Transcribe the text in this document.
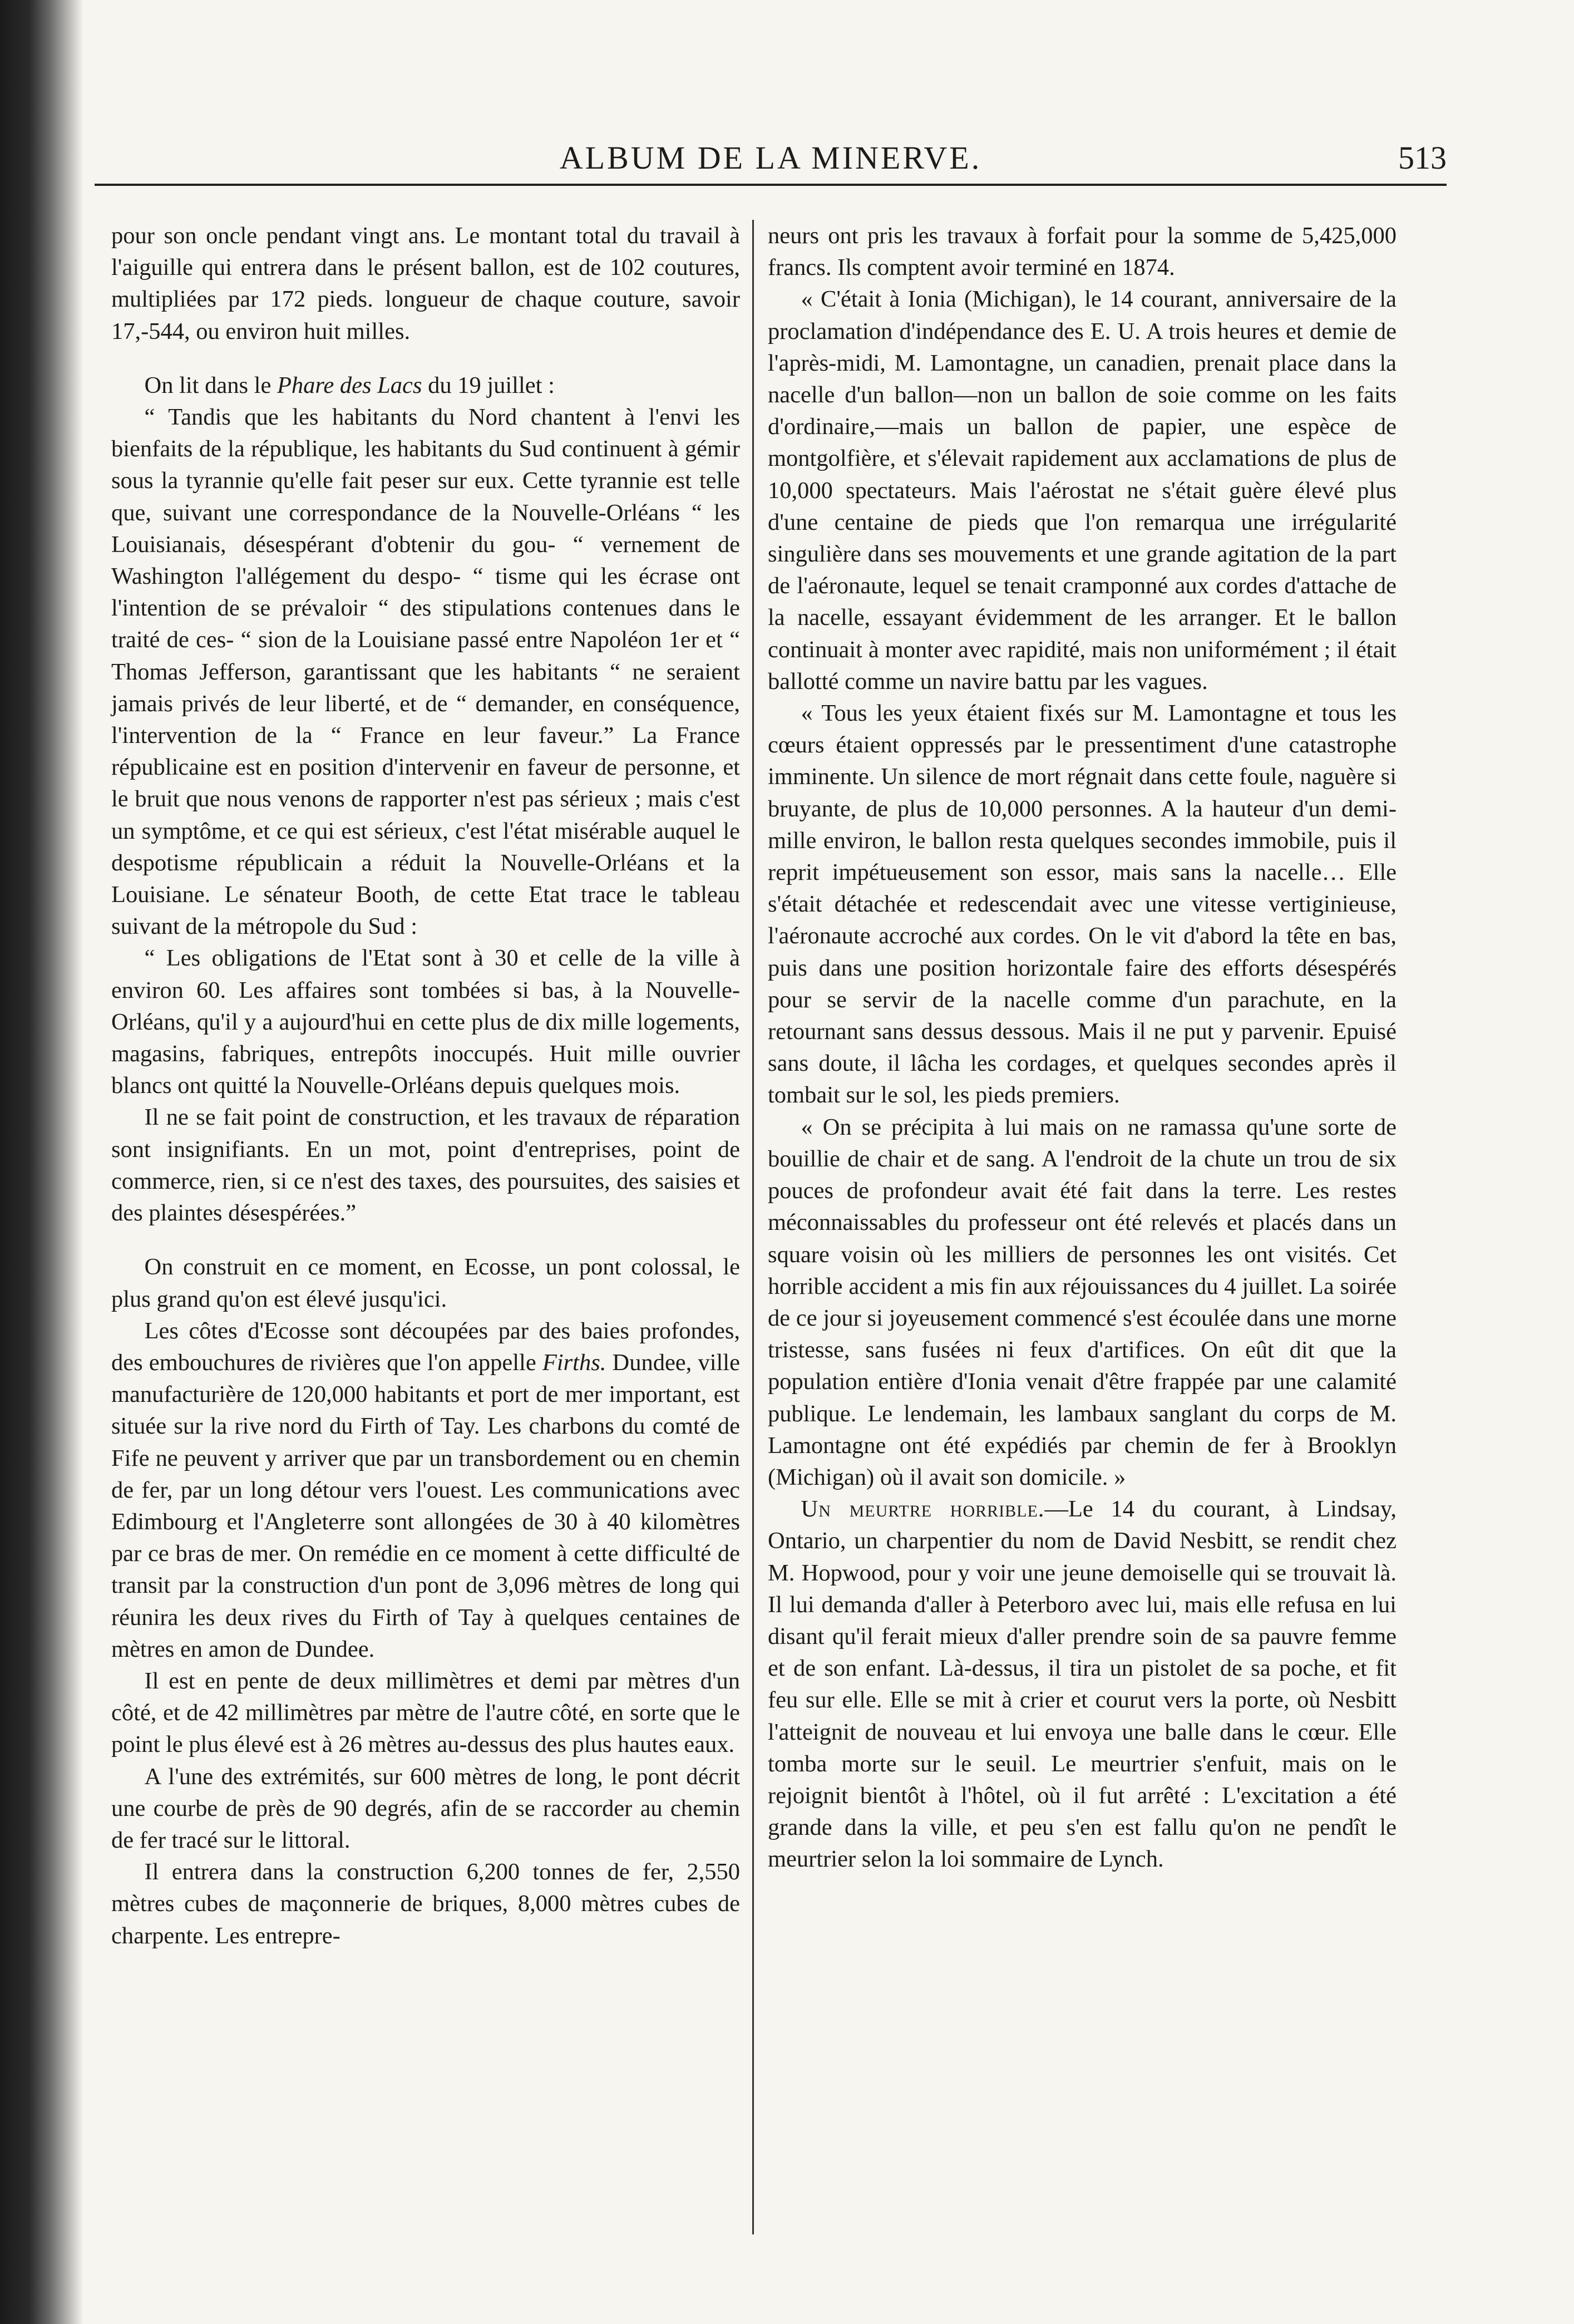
ALBUM DE LA MINERVE.	513

pour son oncle pendant vingt ans. Le montant total du travail à l'aiguille qui entrera dans le présent ballon, est de 102 coutures, multipliées par 172 pieds. longueur de chaque couture, savoir 17,-544, ou environ huit milles.

On lit dans le Phare des Lacs du 19 juillet :

“ Tandis que les habitants du Nord chantent à l'envi les bienfaits de la république, les habitants du Sud continuent à gémir sous la tyrannie qu'elle fait peser sur eux. Cette tyrannie est telle que, suivant une correspondance de la Nouvelle-Orléans “ les Louisianais, désespérant d'obtenir du gou- “ vernement de Washington l'allégement du despo- “ tisme qui les écrase ont l'intention de se prévaloir “ des stipulations contenues dans le traité de ces- “ sion de la Louisiane passé entre Napoléon 1er et “ Thomas Jefferson, garantissant que les habitants “ ne seraient jamais privés de leur liberté, et de “ demander, en conséquence, l'intervention de la “ France en leur faveur.” La France républicaine est en position d'intervenir en faveur de personne, et le bruit que nous venons de rapporter n'est pas sérieux ; mais c'est un symptôme, et ce qui est sérieux, c'est l'état misérable auquel le despotisme républicain a réduit la Nouvelle-Orléans et la Louisiane. Le sénateur Booth, de cette Etat trace le tableau suivant de la métropole du Sud :

“ Les obligations de l'Etat sont à 30 et celle de la ville à environ 60. Les affaires sont tombées si bas, à la Nouvelle-Orléans, qu'il y a aujourd'hui en cette plus de dix mille logements, magasins, fabriques, entrepôts inoccupés. Huit mille ouvrier blancs ont quitté la Nouvelle-Orléans depuis quelques mois.

Il ne se fait point de construction, et les travaux de réparation sont insignifiants. En un mot, point d'entreprises, point de commerce, rien, si ce n'est des taxes, des poursuites, des saisies et des plaintes désespérées.”

On construit en ce moment, en Ecosse, un pont colossal, le plus grand qu'on est élevé jusqu'ici.

Les côtes d'Ecosse sont découpées par des baies profondes, des embouchures de rivières que l'on appelle Firths. Dundee, ville manufacturière de 120,000 habitants et port de mer important, est située sur la rive nord du Firth of Tay. Les charbons du comté de Fife ne peuvent y arriver que par un transbordement ou en chemin de fer, par un long détour vers l'ouest. Les communications avec Edimbourg et l'Angleterre sont allongées de 30 à 40 kilomètres par ce bras de mer. On remédie en ce moment à cette difficulté de transit par la construction d'un pont de 3,096 mètres de long qui réunira les deux rives du Firth of Tay à quelques centaines de mètres en amon de Dundee.

Il est en pente de deux millimètres et demi par mètres d'un côté, et de 42 millimètres par mètre de l'autre côté, en sorte que le point le plus élevé est à 26 mètres au-dessus des plus hautes eaux.

A l'une des extrémités, sur 600 mètres de long, le pont décrit une courbe de près de 90 degrés, afin de se raccorder au chemin de fer tracé sur le littoral.

Il entrera dans la construction 6,200 tonnes de fer, 2,550 mètres cubes de maçonnerie de briques, 8,000 mètres cubes de charpente. Les entrepre-

neurs ont pris les travaux à forfait pour la somme de 5,425,000 francs. Ils comptent avoir terminé en 1874.

« C'était à Ionia (Michigan), le 14 courant, anniversaire de la proclamation d'indépendance des E. U. A trois heures et demie de l'après-midi, M. Lamontagne, un canadien, prenait place dans la nacelle d'un ballon—non un ballon de soie comme on les faits d'ordinaire,—mais un ballon de papier, une espèce de montgolfière, et s'élevait rapidement aux acclamations de plus de 10,000 spectateurs. Mais l'aérostat ne s'était guère élevé plus d'une centaine de pieds que l'on remarqua une irrégularité singulière dans ses mouvements et une grande agitation de la part de l'aéronaute, lequel se tenait cramponné aux cordes d'attache de la nacelle, essayant évidemment de les arranger. Et le ballon continuait à monter avec rapidité, mais non uniformément ; il était ballotté comme un navire battu par les vagues.

« Tous les yeux étaient fixés sur M. Lamontagne et tous les cœurs étaient oppressés par le pressentiment d'une catastrophe imminente. Un silence de mort régnait dans cette foule, naguère si bruyante, de plus de 10,000 personnes. A la hauteur d'un demi-mille environ, le ballon resta quelques secondes immobile, puis il reprit impétueusement son essor, mais sans la nacelle… Elle s'était détachée et redescendait avec une vitesse vertiginieuse, l'aéronaute accroché aux cordes. On le vit d'abord la tête en bas, puis dans une position horizontale faire des efforts désespérés pour se servir de la nacelle comme d'un parachute, en la retournant sans dessus dessous. Mais il ne put y parvenir. Epuisé sans doute, il lâcha les cordages, et quelques secondes après il tombait sur le sol, les pieds premiers.

« On se précipita à lui mais on ne ramassa qu'une sorte de bouillie de chair et de sang. A l'endroit de la chute un trou de six pouces de profondeur avait été fait dans la terre. Les restes méconnaissables du professeur ont été relevés et placés dans un square voisin où les milliers de personnes les ont visités. Cet horrible accident a mis fin aux réjouissances du 4 juillet. La soirée de ce jour si joyeusement commencé s'est écoulée dans une morne tristesse, sans fusées ni feux d'artifices. On eût dit que la population entière d'Ionia venait d'être frappée par une calamité publique. Le lendemain, les lambaux sanglant du corps de M. Lamontagne ont été expédiés par chemin de fer à Brooklyn (Michigan) où il avait son domicile. »

Un meurtre horrible.—Le 14 du courant, à Lindsay, Ontario, un charpentier du nom de David Nesbitt, se rendit chez M. Hopwood, pour y voir une jeune demoiselle qui se trouvait là. Il lui demanda d'aller à Peterboro avec lui, mais elle refusa en lui disant qu'il ferait mieux d'aller prendre soin de sa pauvre femme et de son enfant. Là-dessus, il tira un pistolet de sa poche, et fit feu sur elle. Elle se mit à crier et courut vers la porte, où Nesbitt l'atteignit de nouveau et lui envoya une balle dans le cœur. Elle tomba morte sur le seuil. Le meurtrier s'enfuit, mais on le rejoignit bientôt à l'hôtel, où il fut arrêté : L'excitation a été grande dans la ville, et peu s'en est fallu qu'on ne pendît le meurtrier selon la loi sommaire de Lynch.
